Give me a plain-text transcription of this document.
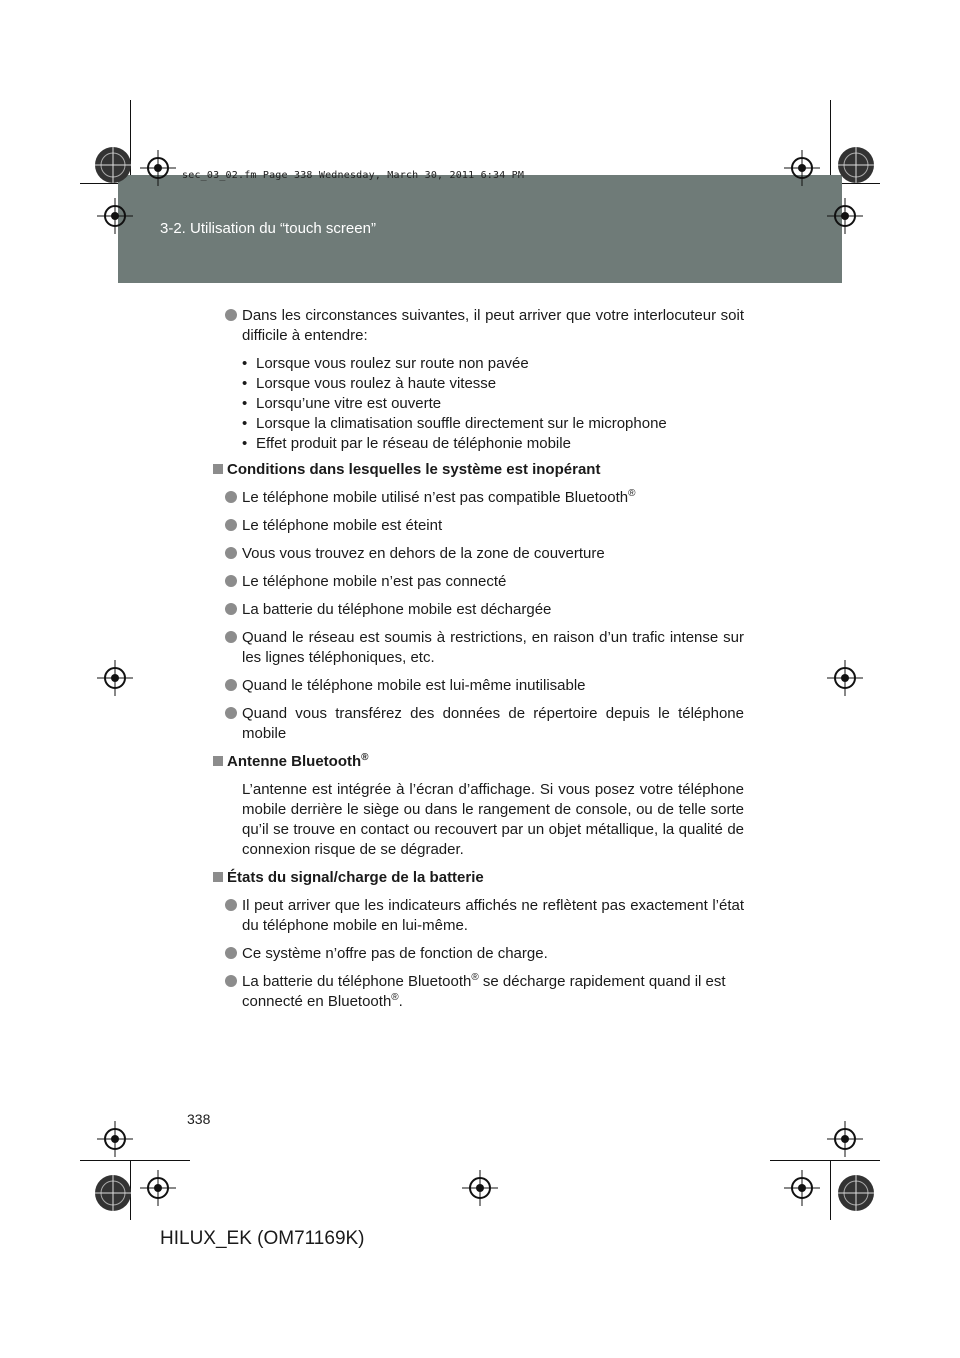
3-2. Utilisation du “touch screen”
sec_03_02.fm Page 338 Wednesday, March 30, 2011 6:34 PM
Dans les circonstances suivantes, il peut arriver que votre interlocuteur soit difficile à entendre:

• Lorsque vous roulez sur route non pavée

• Lorsque vous roulez à haute vitesse

• Lorsqu’une vitre est ouverte

• Lorsque la climatisation souffle directement sur le microphone

• Effet produit par le réseau de téléphonie mobile

Conditions dans lesquelles le système est inopérant
Le téléphone mobile utilisé n’est pas compatible Bluetooth®
Le téléphone mobile est éteint
Vous vous trouvez en dehors de la zone de couverture
Le téléphone mobile n’est pas connecté
La batterie du téléphone mobile est déchargée
Quand le réseau est soumis à restrictions, en raison d’un trafic intense sur les lignes téléphoniques, etc.
Quand le téléphone mobile est lui-même inutilisable
Quand vous transférez des données de répertoire depuis le téléphone mobile
Antenne Bluetooth®
L’antenne est intégrée à l’écran d’affichage. Si vous posez votre téléphone mobile derrière le siège ou dans le rangement de console, ou de telle sorte qu’il se trouve en contact ou recouvert par un objet métallique, la qualité de connexion risque de se dégrader.
États du signal/charge de la batterie
Il peut arriver que les indicateurs affichés ne reflètent pas exactement l’état du téléphone mobile en lui-même.
Ce système n’offre pas de fonction de charge.
La batterie du téléphone Bluetooth® se décharge rapidement quand il est connecté en Bluetooth®.
338
HILUX_EK (OM71169K)
